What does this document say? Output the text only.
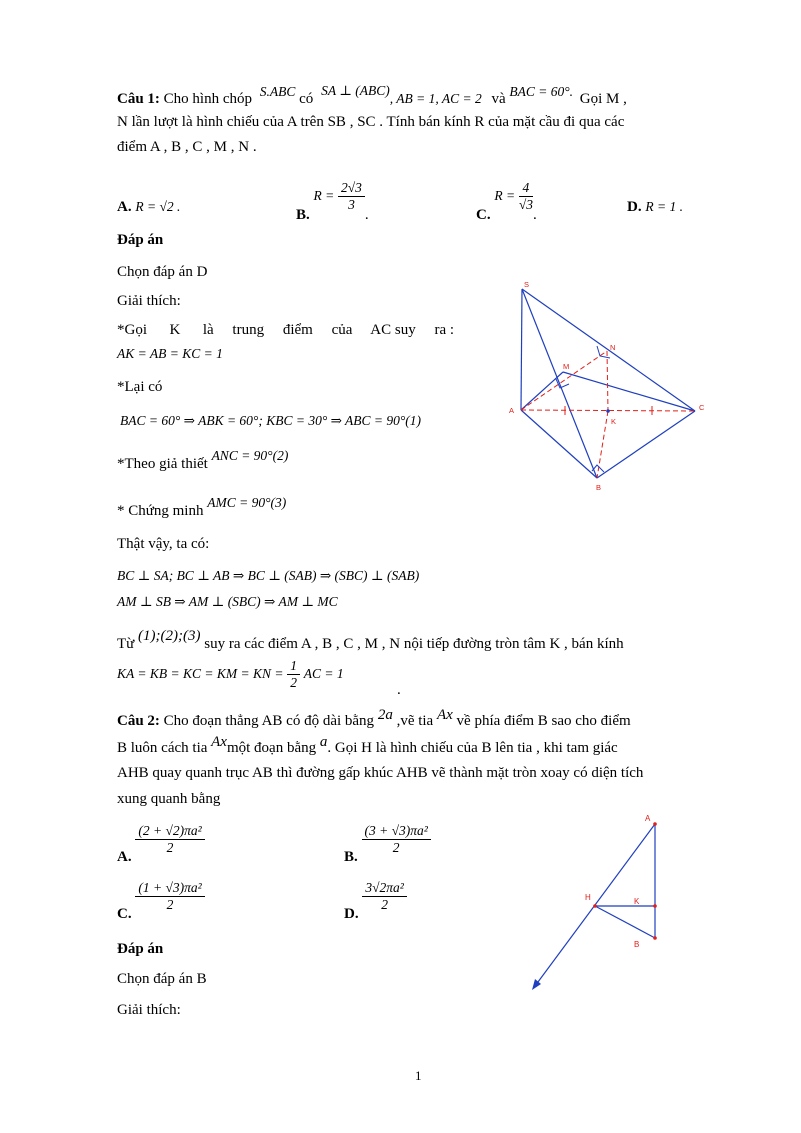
Câu 1: Cho hình chóp S.ABC có SA ⊥ (ABC), AB = 1, AC = 2 và BAC = 60°. Gọi M ,
N lần lượt là hình chiếu của A trên SB , SC . Tính bán kính R của mặt cầu đi qua các
điểm A , B , C , M , N .
A. R = √2 .
B. $R = \frac{2√3}{3}$
.	C. $R = \frac{4}{√3}$
.	D. R = 1 .
Đáp án
Chọn đáp án D
Giải thích:
*Gọi      K      là     trung     điểm     của     AC suy     ra :
AK = AB = KC = 1
*Lại có
BAC = 60° ⇒ ABK = 60°; KBC = 30° ⇒ ABC = 90°(1)
*Theo giả thiết ANC = 90°(2)
* Chứng minh AMC = 90°(3)
Thật vậy, ta có:
BC ⊥ SA; BC ⊥ AB ⇒ BC ⊥ (SAB) ⇒ (SBC) ⊥ (SAB)
AM ⊥ SB ⇒ AM ⊥ (SBC) ⇒ AM ⊥ MC
Từ (1);(2);(3) suy ra các điểm A , B , C , M , N nội tiếp đường tròn tâm K , bán kính
KA = KB = KC = KM = KN = $\frac{1}{2}$ AC = 1
.
S
N
M
A
K
C
B
Câu 2: Cho đoạn thẳng AB có độ dài bằng 2a ,vẽ tia Ax về phía điểm B sao cho điểm
B luôn cách tia Axmột đoạn bằng a. Gọi H là hình chiếu của B lên tia , khi tam giác
AHB quay quanh trục AB thì đường gấp khúc AHB vẽ thành mặt tròn xoay có diện tích
xung quanh bằng
A.
$\frac{\text{(2 + √2)πa²}}{2}$
B.
$\frac{\text{(3 + √3)πa²}}{2}$
C.
$\frac{\text{(1 + √3)πa²}}{2}$
D.
$\frac{\text{3√2πa²}}{2}$
Đáp án
Chọn đáp án B
Giải thích:
A
H	K
B
1
